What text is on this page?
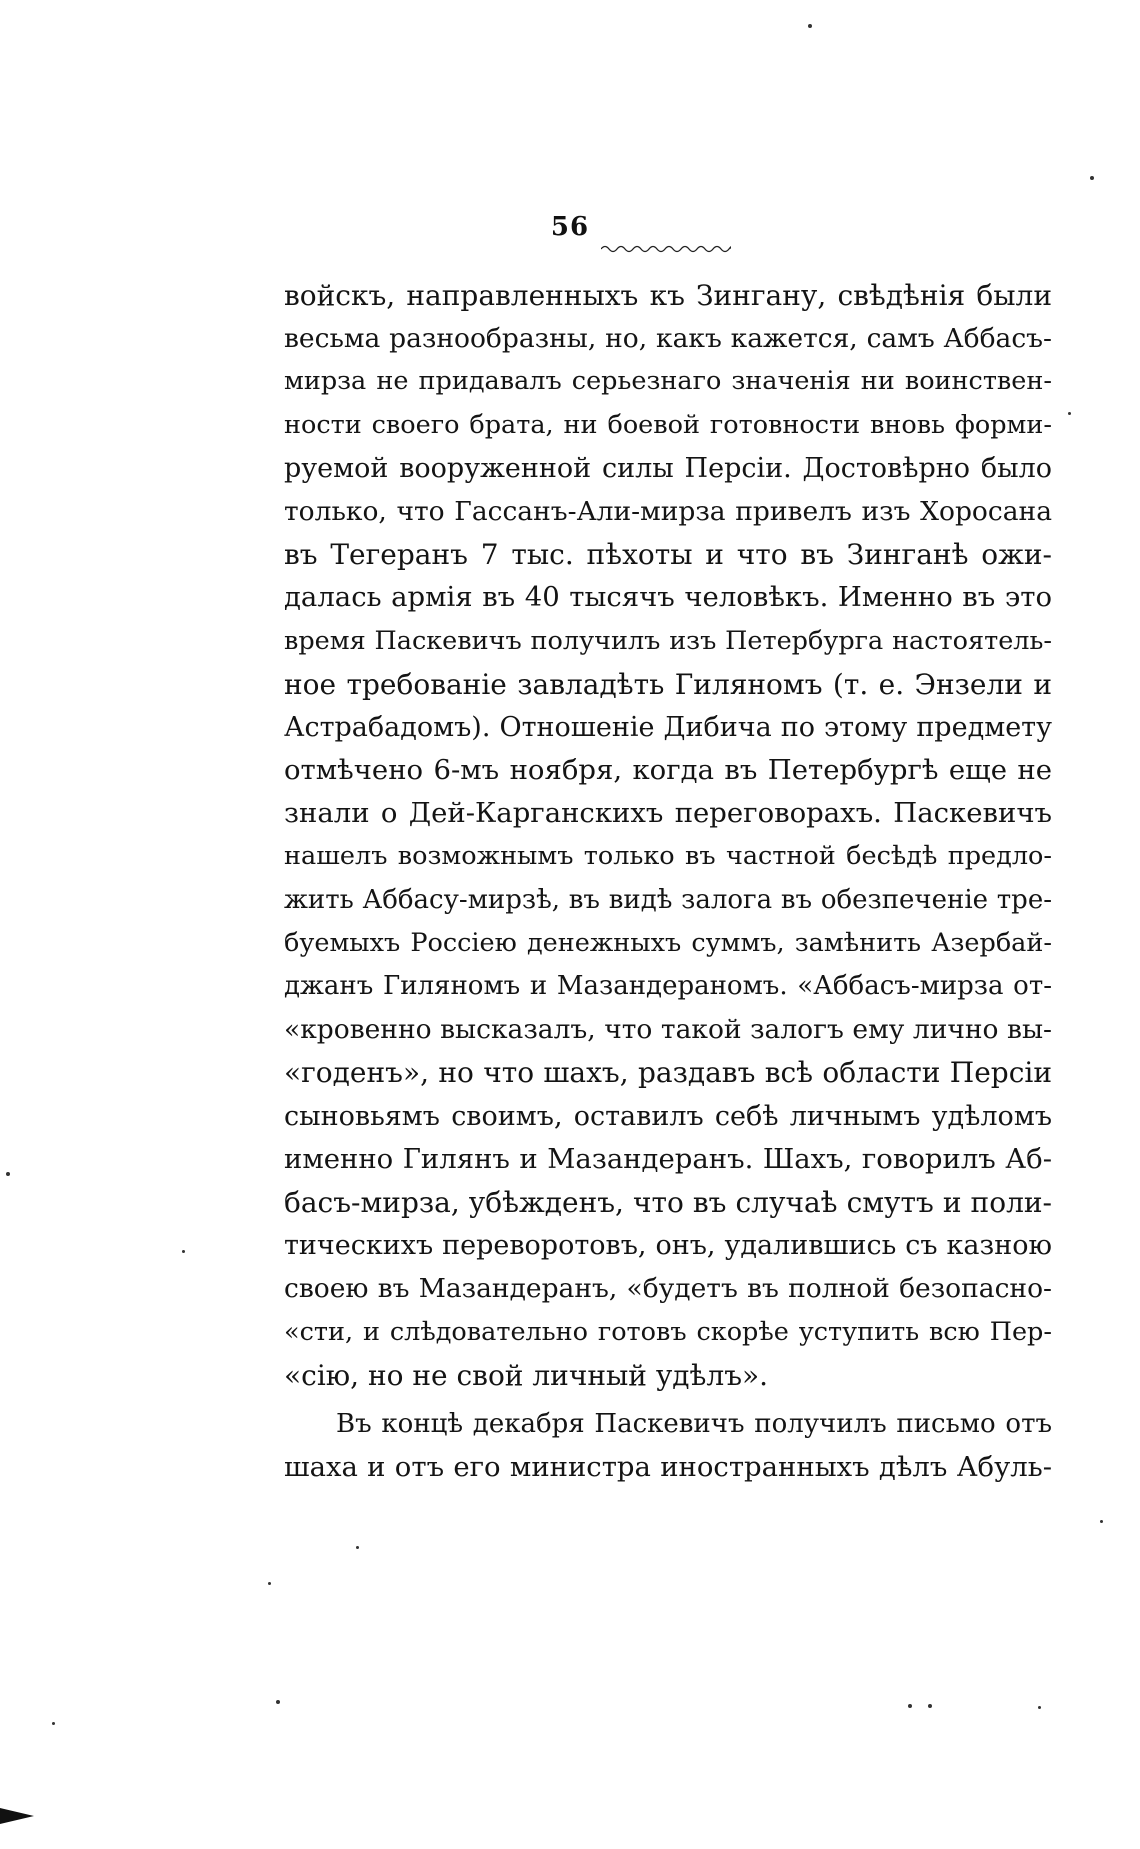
56
войскъ, направленныхъ къ Зингану, свѣдѣнія были
весьма разнообразны, но, какъ кажется, самъ Аббасъ-
мирза не придавалъ серьезнаго значенія ни воинствен-
ности своего брата, ни боевой готовности вновь форми-
руемой вооруженной силы Персіи. Достовѣрно было
только, что Гассанъ-Али-мирза привелъ изъ Хоросана
въ Тегеранъ 7 тыс. пѣхоты и что въ Зинганѣ ожи-
далась армія въ 40 тысячъ человѣкъ. Именно въ это
время Паскевичъ получилъ изъ Петербурга настоятель-
ное требованіе завладѣть Гиляномъ (т. е. Энзели и
Астрабадомъ). Отношеніе Дибича по этому предмету
отмѣчено 6-мъ ноября, когда въ Петербургѣ еще не
знали о Дей-Карганскихъ переговорахъ. Паскевичъ
нашелъ возможнымъ только въ частной бесѣдѣ предло-
жить Аббасу-мирзѣ, въ видѣ залога въ обезпеченіе тре-
буемыхъ Россіею денежныхъ суммъ, замѣнить Азербай-
джанъ Гиляномъ и Мазандераномъ. «Аббасъ-мирза от-
«кровенно высказалъ, что такой залогъ ему лично вы-
«годенъ», но что шахъ, раздавъ всѣ области Персіи
сыновьямъ своимъ, оставилъ себѣ личнымъ удѣломъ
именно Гилянъ и Мазандеранъ. Шахъ, говорилъ Аб-
басъ-мирза, убѣжденъ, что въ случаѣ смутъ и поли-
тическихъ переворотовъ, онъ, удалившись съ казною
своею въ Мазандеранъ, «будетъ въ полной безопасно-
«сти, и слѣдовательно готовъ скорѣе уступить всю Пер-
«сію, но не свой личный удѣлъ».
Въ концѣ декабря Паскевичъ получилъ письмо отъ
шаха и отъ его министра иностранныхъ дѣлъ Абуль-
